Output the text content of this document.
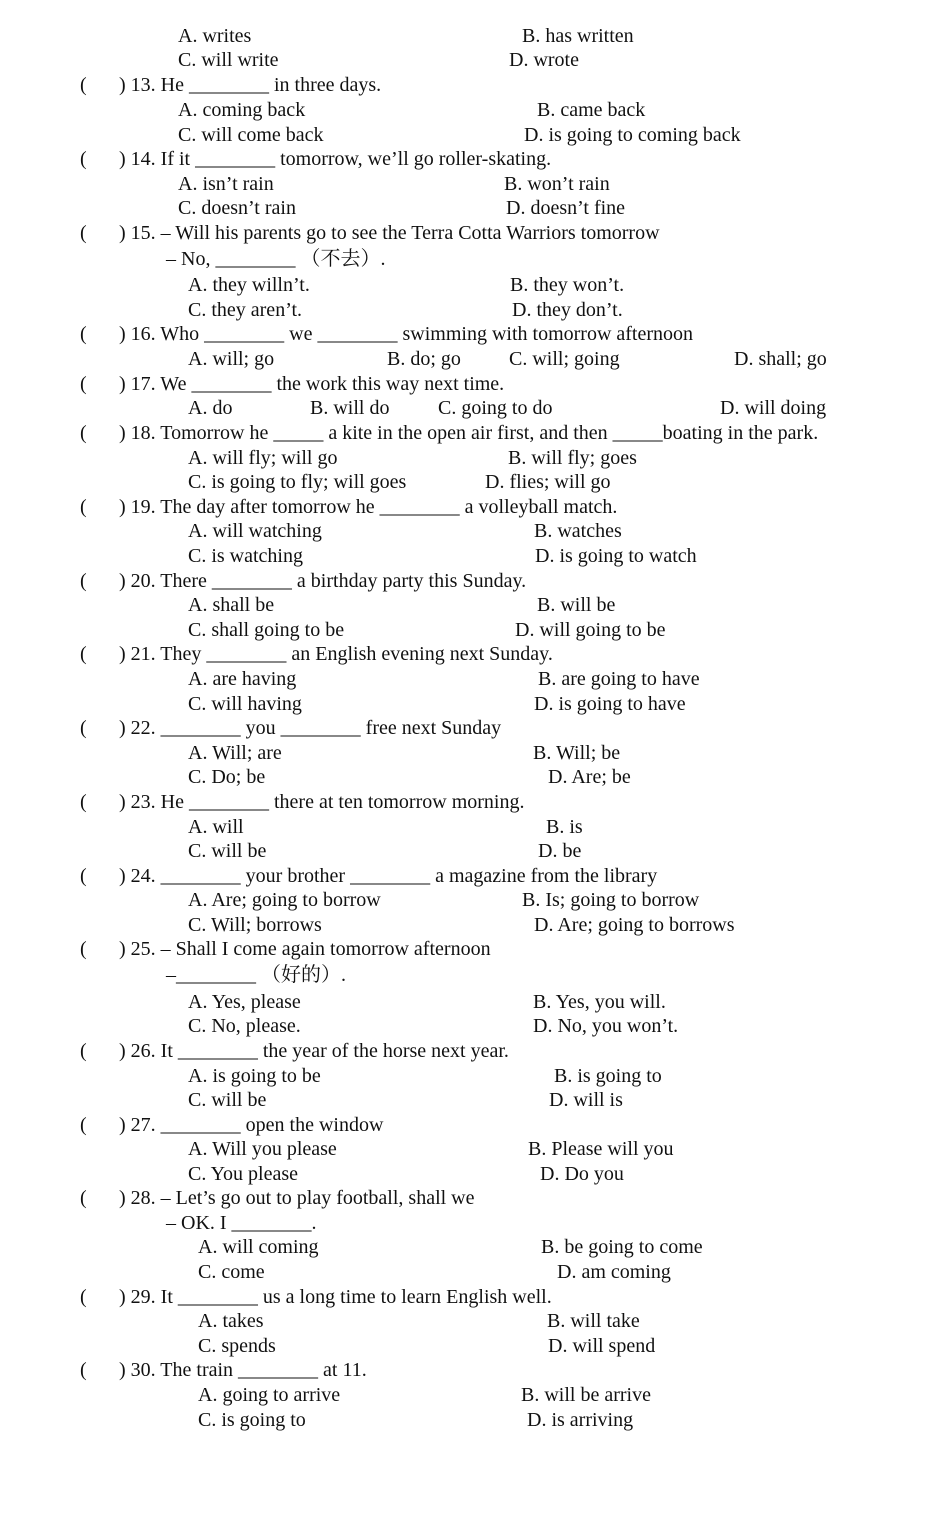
A. writes	B. has written
C. will write	D. wrote
( ) 13. He ________ in three days.
A. coming back	B. came back
C. will come back	D. is going to coming back
( ) 14. If it ________ tomorrow, we’ll go roller-skating.
A. isn’t rain	B. won’t rain
C. doesn’t rain	D. doesn’t fine
( ) 15. – Will his parents go to see the Terra Cotta Warriors tomorrow
– No, ________ （不去）.
A. they willn’t.	B. they won’t.
C. they aren’t.	D. they don’t.
( ) 16. Who ________ we ________ swimming with tomorrow afternoon
A. will; go	B. do; go C. will; going	D. shall; go
( ) 17. We ________ the work this way next time.
A. do	B. will do C. going to do	D. will doing
( ) 18. Tomorrow he _____ a kite in the open air first, and then _____boating in the park.
A. will fly; will go	B. will fly; goes
C. is going to fly; will goes	D. flies; will go
( ) 19. The day after tomorrow he ________ a volleyball match.
A. will watching	B. watches
C. is watching	D. is going to watch
( ) 20. There ________ a birthday party this Sunday.
A. shall be	B. will be
C. shall going to be	D. will going to be
( ) 21. They ________ an English evening next Sunday.
A. are having	B. are going to have
C. will having	D. is going to have
( ) 22. ________ you ________ free next Sunday
A. Will; are	B. Will; be
C. Do; be	D. Are; be
( ) 23. He ________ there at ten tomorrow morning.
A. will	B. is
C. will be	D. be
( ) 24. ________ your brother ________ a magazine from the library
A. Are; going to borrow	B. Is; going to borrow
C. Will; borrows	D. Are; going to borrows
( ) 25. – Shall I come again tomorrow afternoon
–________ （好的）.
A. Yes, please	B. Yes, you will.
C. No, please.	D. No, you won’t.
( ) 26. It ________ the year of the horse next year.
A. is going to be	B. is going to
C. will be	D. will is
( ) 27. ________ open the window
A. Will you please	B. Please will you
C. You please	D. Do you
( ) 28. – Let’s go out to play football, shall we
– OK. I ________.
A. will coming	B. be going to come
C. come	D. am coming
( ) 29. It ________ us a long time to learn English well.
A. takes	B. will take
C. spends	D. will spend
( ) 30. The train ________ at 11.
A. going to arrive	B. will be arrive
C. is going to	D. is arriving
